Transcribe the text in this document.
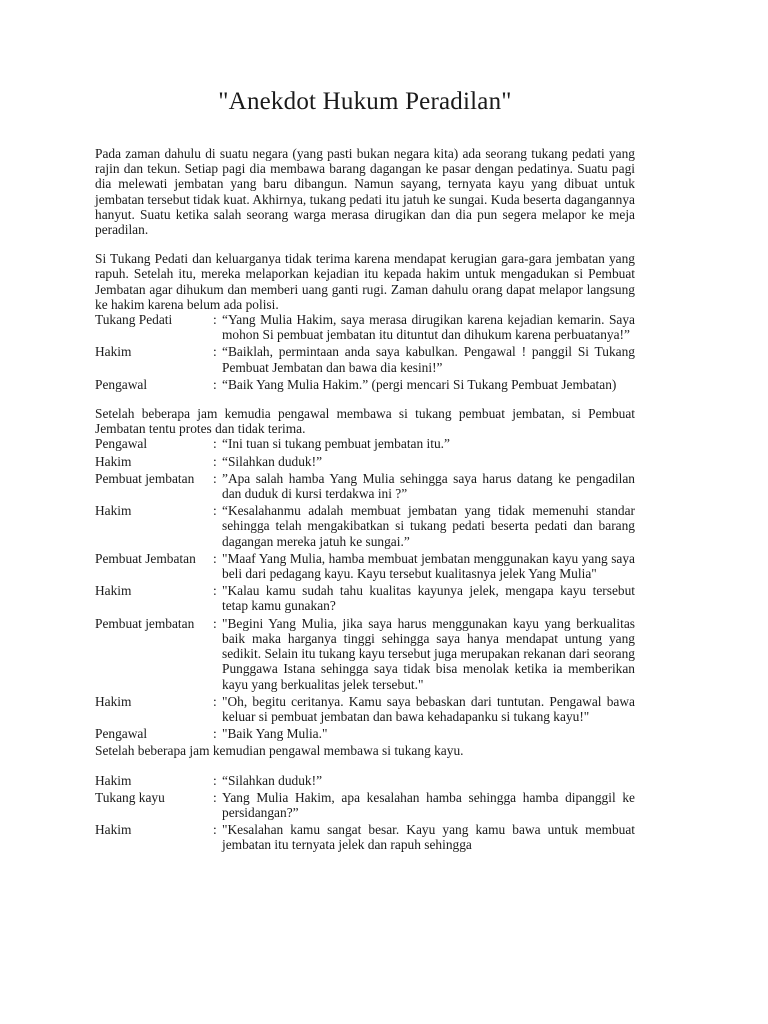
"Anekdot Hukum Peradilan"

Pada zaman dahulu di suatu negara (yang pasti bukan negara kita) ada seorang tukang pedati yang rajin dan tekun. Setiap pagi dia membawa barang dagangan ke pasar dengan pedatinya. Suatu pagi dia melewati jembatan yang baru dibangun. Namun sayang, ternyata kayu yang dibuat untuk jembatan tersebut tidak kuat. Akhirnya, tukang pedati itu jatuh ke sungai. Kuda beserta dagangannya hanyut. Suatu ketika salah seorang warga merasa dirugikan dan dia pun segera melapor ke meja peradilan.

Si Tukang Pedati dan keluarganya tidak terima karena mendapat kerugian gara-gara jembatan yang rapuh. Setelah itu, mereka melaporkan kejadian itu kepada hakim untuk mengadukan si Pembuat Jembatan agar dihukum dan memberi uang ganti rugi. Zaman dahulu orang dapat melapor langsung ke hakim karena belum ada polisi.

Tukang Pedati	: “Yang Mulia Hakim, saya merasa dirugikan karena kejadian kemarin. Saya mohon Si pembuat jembatan itu dituntut dan dihukum karena perbuatanya!”
Hakim	: “Baiklah, permintaan anda saya kabulkan. Pengawal ! panggil Si Tukang Pembuat Jembatan dan bawa dia kesini!”
Pengawal	: “Baik Yang Mulia Hakim.” (pergi mencari Si Tukang Pembuat Jembatan)

Setelah beberapa jam kemudia pengawal membawa si tukang pembuat jembatan, si Pembuat Jembatan tentu protes dan tidak terima.

Pengawal	: “Ini tuan si tukang pembuat jembatan itu.”
Hakim	: “Silahkan duduk!”
Pembuat jembatan	: ”Apa salah hamba Yang Mulia sehingga saya harus datang ke pengadilan dan duduk di kursi terdakwa ini ?”
Hakim	: “Kesalahanmu adalah membuat jembatan yang tidak memenuhi standar sehingga telah mengakibatkan si tukang pedati beserta pedati dan barang dagangan mereka jatuh ke sungai.”
Pembuat Jembatan	: "Maaf Yang Mulia, hamba membuat jembatan menggunakan kayu yang saya beli dari pedagang kayu. Kayu tersebut kualitasnya jelek Yang Mulia"
Hakim	: "Kalau kamu sudah tahu kualitas kayunya jelek, mengapa kayu tersebut tetap kamu gunakan?
Pembuat jembatan	: "Begini Yang Mulia, jika saya harus menggunakan kayu yang berkualitas baik maka harganya tinggi sehingga saya hanya mendapat untung yang sedikit. Selain itu tukang kayu tersebut juga merupakan rekanan dari seorang Punggawa Istana sehingga saya tidak bisa menolak ketika ia memberikan kayu yang berkualitas jelek tersebut."
Hakim	: "Oh, begitu ceritanya. Kamu saya bebaskan dari tuntutan. Pengawal bawa keluar si pembuat jembatan dan bawa kehadapanku si tukang kayu!"
Pengawal	: "Baik Yang Mulia."

Setelah beberapa jam kemudian pengawal membawa si tukang kayu.

Hakim	: “Silahkan duduk!”
Tukang kayu	: Yang Mulia Hakim, apa kesalahan hamba sehingga hamba dipanggil ke persidangan?”
Hakim	: "Kesalahan kamu sangat besar. Kayu yang kamu bawa untuk membuat jembatan itu ternyata jelek dan rapuh sehingga
